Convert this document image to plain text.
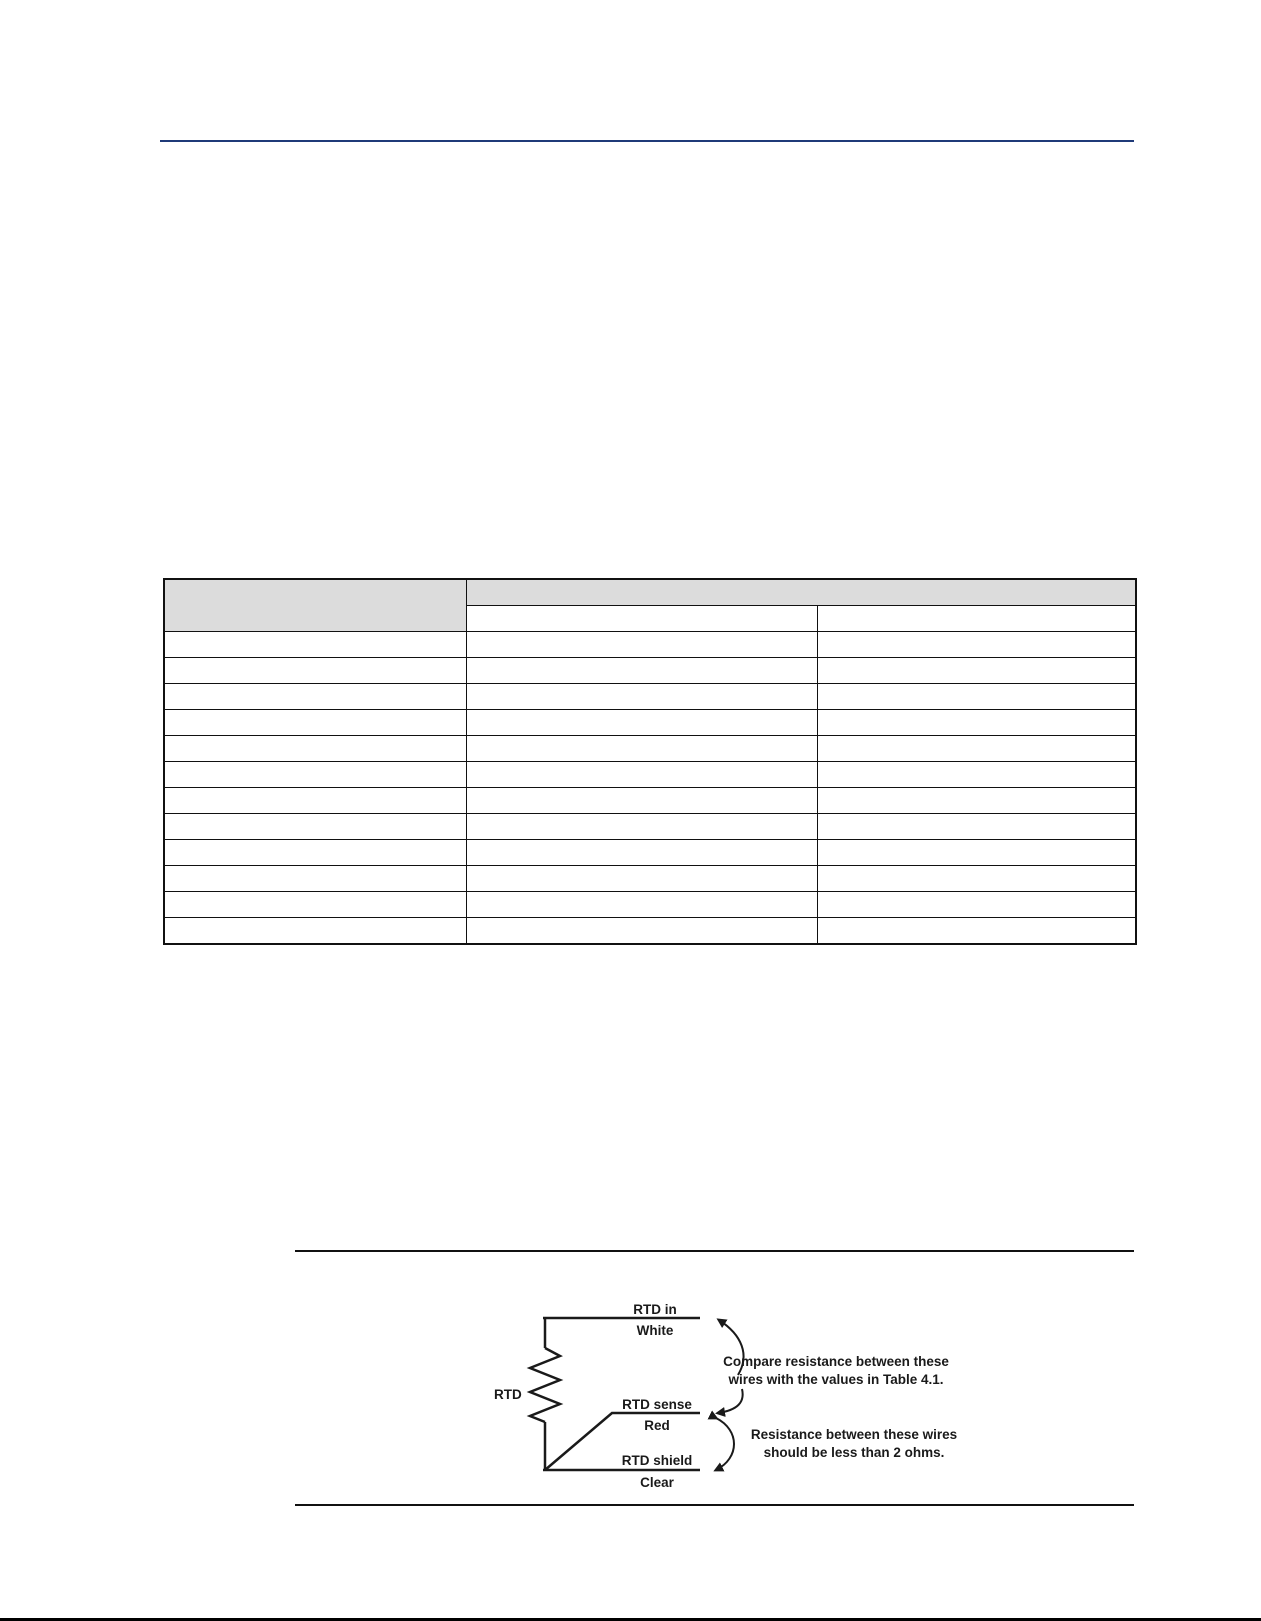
RTD
RTD in
White
RTD sense
Red
RTD shield
Clear
Compare resistance between these
wires with the values in Table 4.1.
Resistance between these wires
should be less than 2 ohms.
